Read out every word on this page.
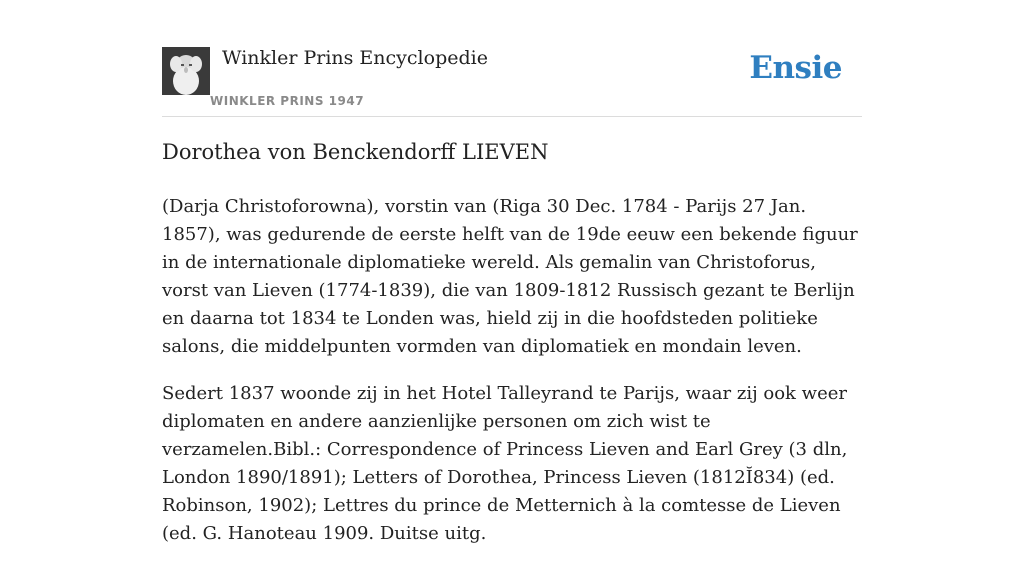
Winkler Prins Encyclopedie
WINKLER PRINS 1947
Ensie
Dorothea von Benckendorff LIEVEN

(Darja Christoforowna), vorstin van (Riga 30 Dec. 1784 - Parijs 27 Jan. 1857), was gedurende de eerste helft van de 19de eeuw een bekende figuur in de internationale diplomatieke wereld. Als gemalin van Christoforus, vorst van Lieven (1774-1839), die van 1809-1812 Russisch gezant te Berlijn en daarna tot 1834 te Londen was, hield zij in die hoofdsteden politieke salons, die middelpunten vormden van diplomatiek en mondain leven.

Sedert 1837 woonde zij in het Hotel Talleyrand te Parijs, waar zij ook weer diplomaten en andere aanzienlijke personen om zich wist te verzamelen.Bibl.: Correspondence of Princess Lieven and Earl Grey (3 dln, London 1890/1891); Letters of Dorothea, Princess Lieven (1812Ĭ834) (ed. Robinson, 1902); Lettres du prince de Metternich à la comtesse de Lieven (ed. G. Hanoteau 1909. Duitse uitg.
